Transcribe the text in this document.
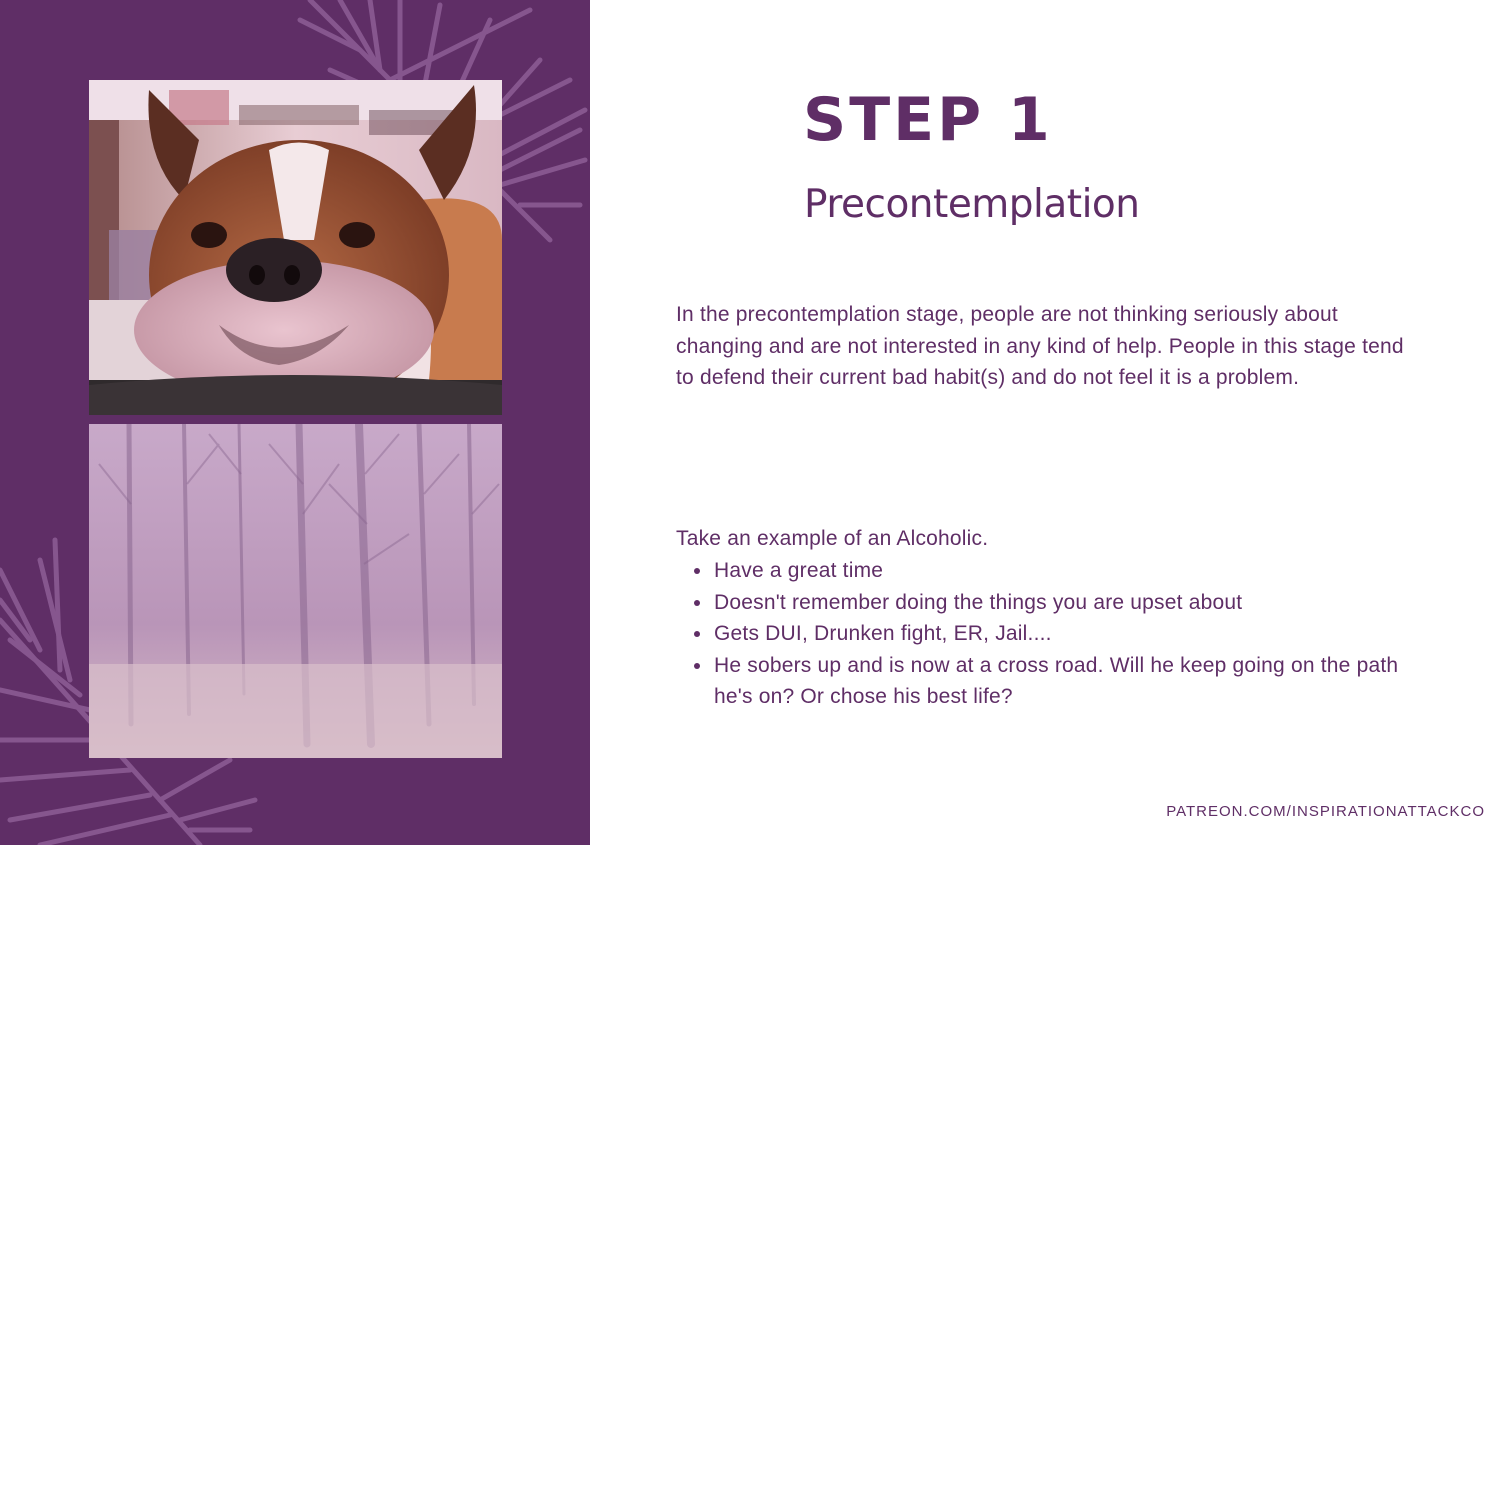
STEP 1
Precontemplation

In the precontemplation stage, people are not thinking seriously about changing and are not interested in any kind of help. People in this stage tend to defend their current bad habit(s) and do not feel it is a problem.

Take an example of an Alcoholic.

Have a great time
Doesn't remember doing the things you are upset about
Gets DUI, Drunken fight, ER, Jail....
He sobers up and is now at a cross road. Will he keep going on the path he's on? Or chose his best life?

PATREON.COM/INSPIRATIONATTACKCO
